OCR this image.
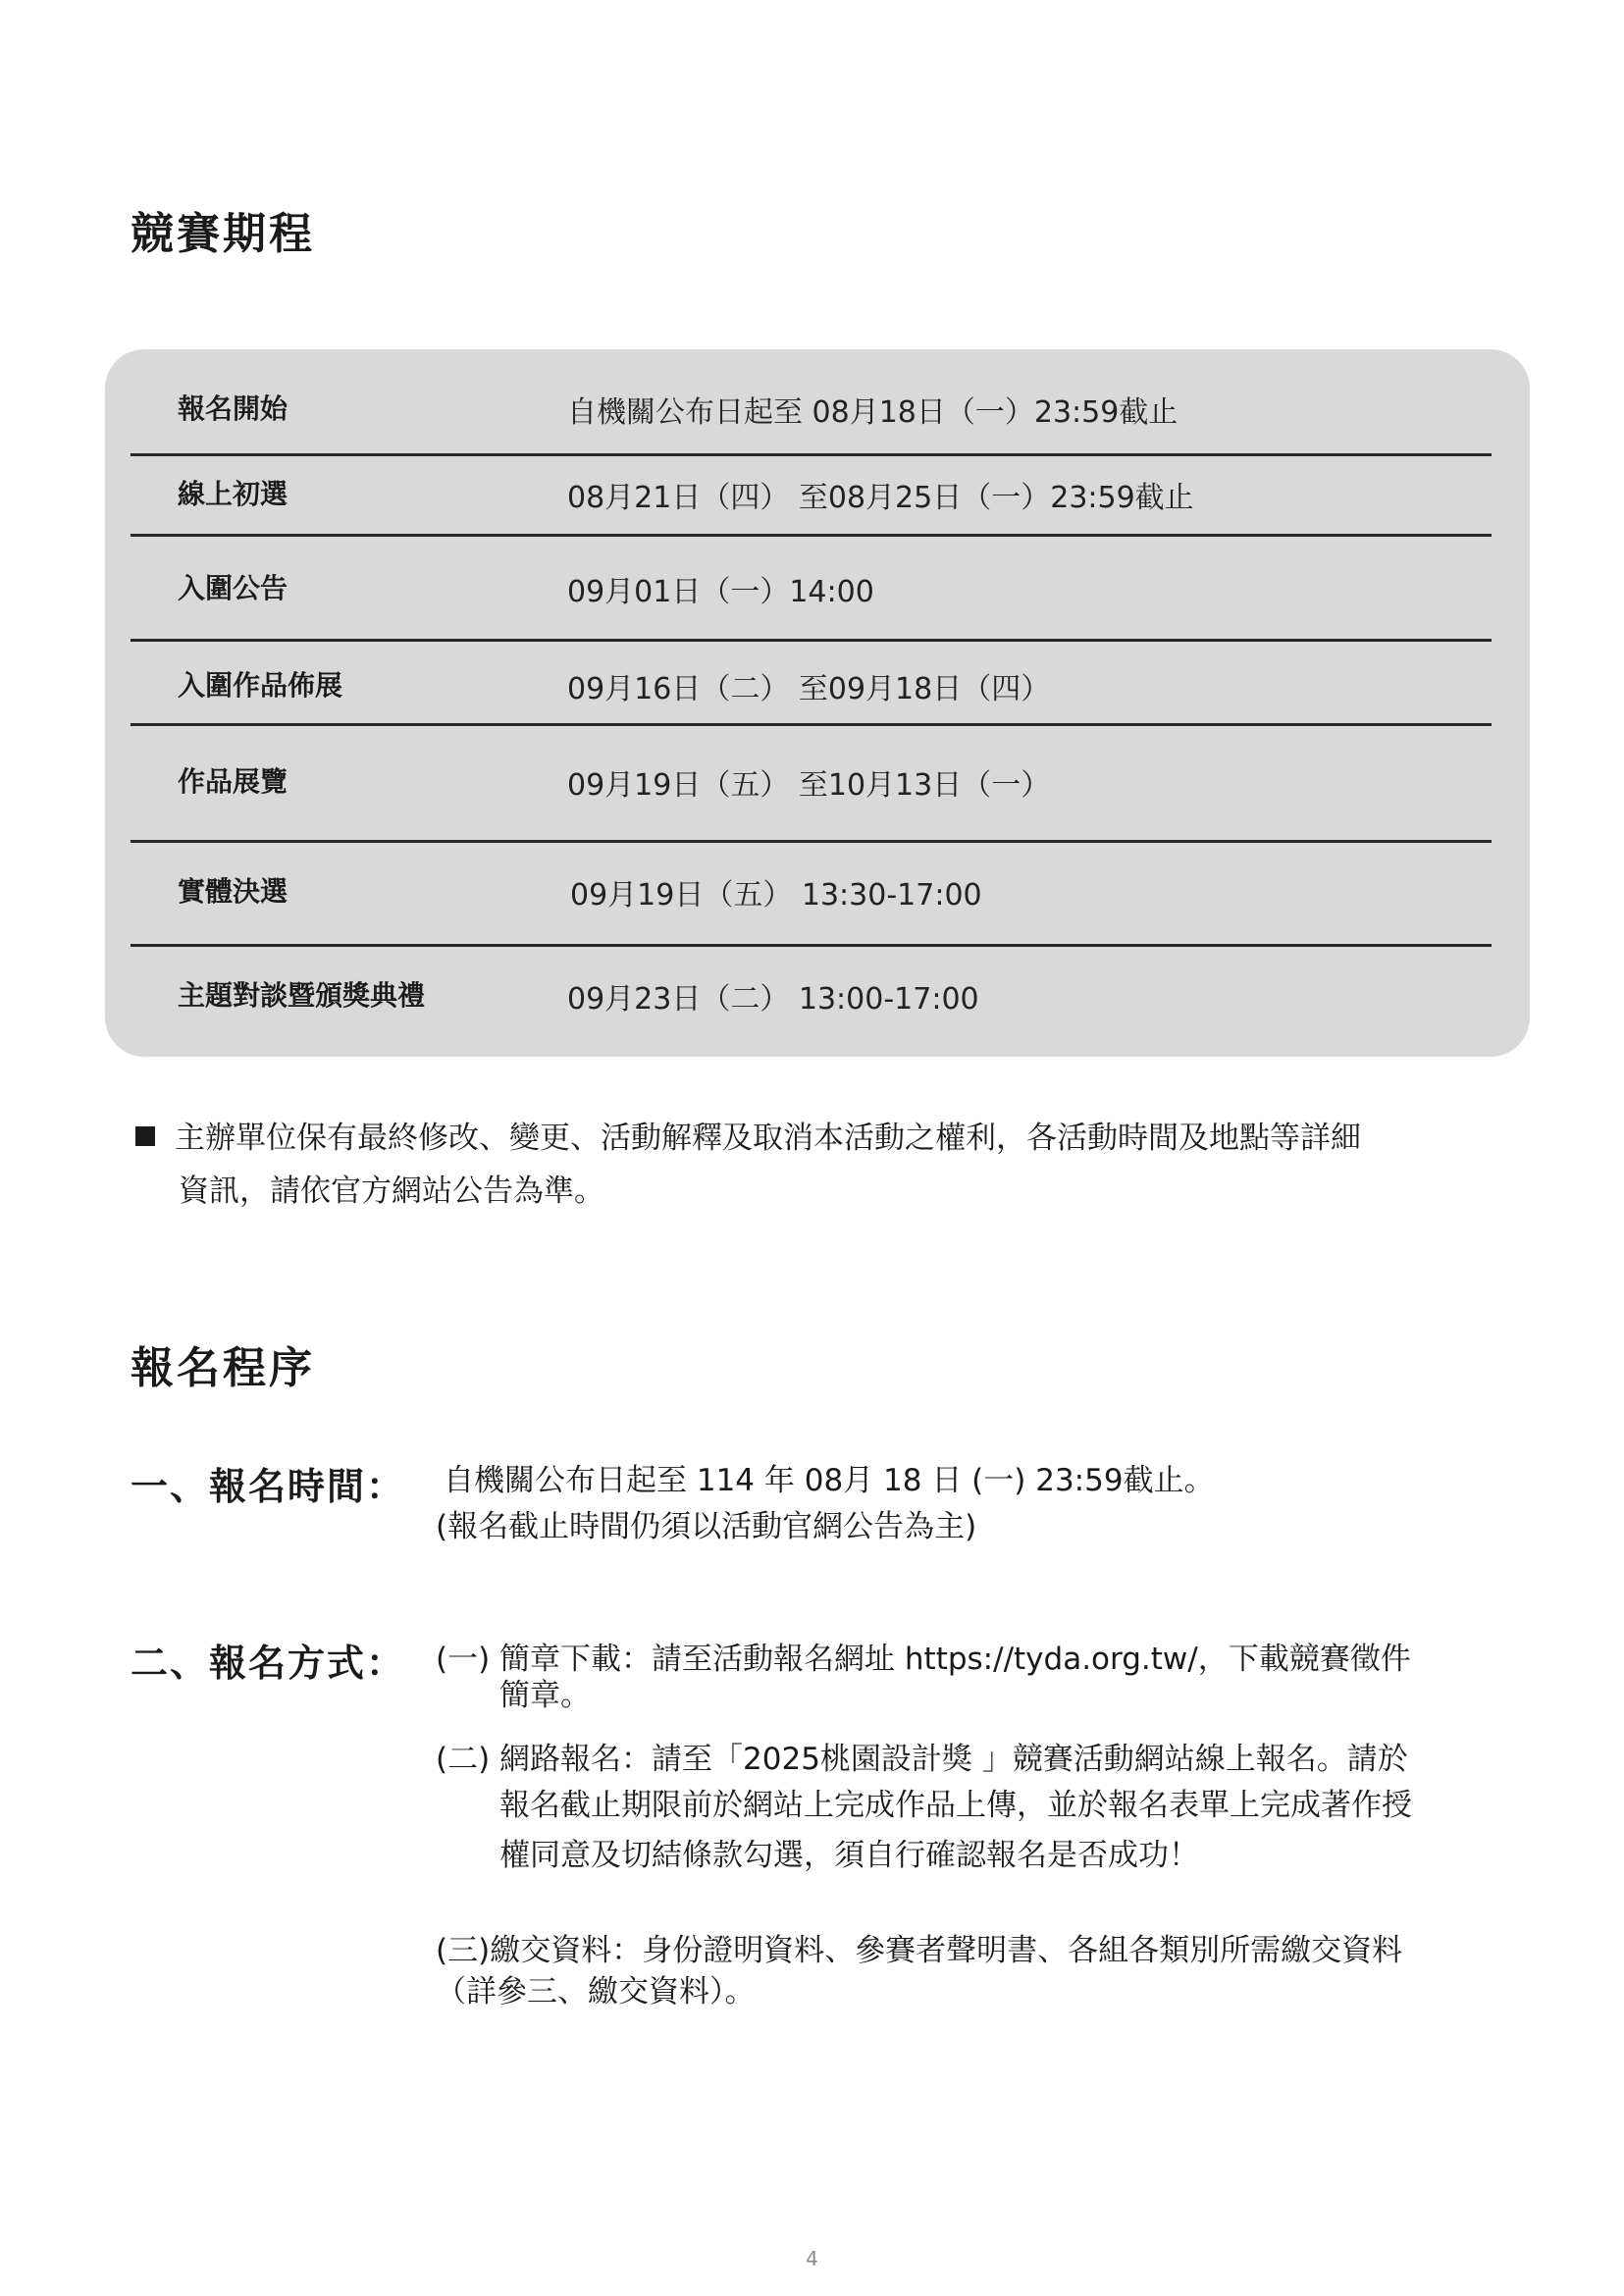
競賽期程
報名開始	自機關公布日起至 08月18日（一）23:59截止
線上初選	08月21日（四） 至08月25日（一）23:59截止
入圍公告	09月01日（一）14:00
入圍作品佈展	09月16日（二） 至09月18日（四）
作品展覽	09月19日（五） 至10月13日（一）
實體決選	09月19日（五） 13:30-17:00
主題對談暨頒獎典禮	09月23日（二） 13:00-17:00
主辦單位保有最終修改、變更、活動解釋及取消本活動之權利，各活動時間及地點等詳細
資訊，請依官方網站公告為準。
報名程序
一、報名時間： 自機關公布日起至 114 年 08月 18 日 (一) 23:59截止。
(報名截止時間仍須以活動官網公告為主)
二、報名方式： (一) 簡章下載：請至活動報名網址 https://tyda.org.tw/，下載競賽徵件
簡章。
(二) 網路報名：請至「2025桃園設計獎 」競賽活動網站線上報名。請於
報名截止期限前於網站上完成作品上傳，並於報名表單上完成著作授
權同意及切結條款勾選，須自行確認報名是否成功！
(三)繳交資料：身份證明資料、參賽者聲明書、各組各類別所需繳交資料
（詳參三、繳交資料）。
4
